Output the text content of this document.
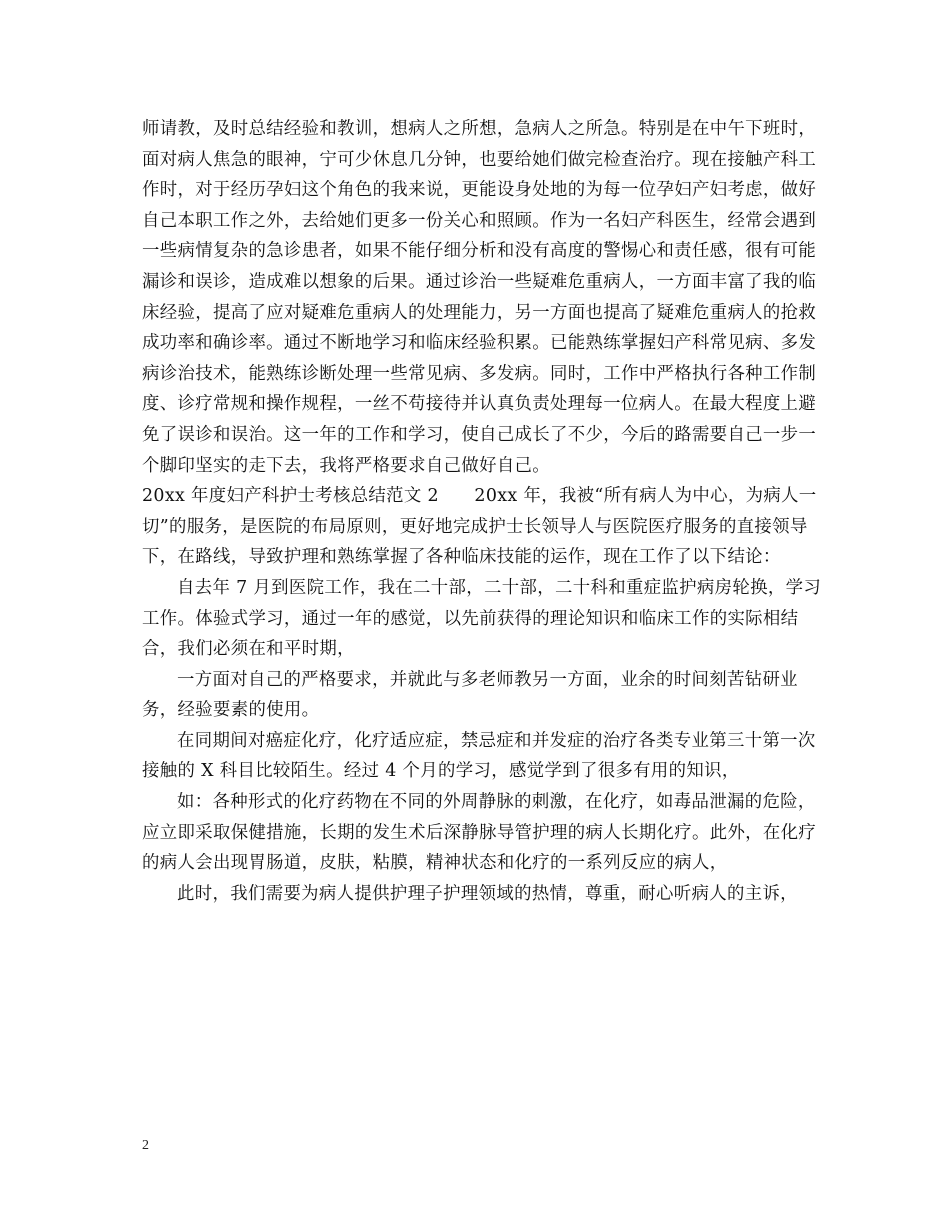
师请教，及时总结经验和教训，想病人之所想，急病人之所急。特别是在中午下班时，面对病人焦急的眼神，宁可少休息几分钟，也要给她们做完检查治疗。现在接触产科工作时，对于经历孕妇这个角色的我来说，更能设身处地的为每一位孕妇产妇考虑，做好自己本职工作之外，去给她们更多一份关心和照顾。作为一名妇产科医生，经常会遇到一些病情复杂的急诊患者，如果不能仔细分析和没有高度的警惕心和责任感，很有可能漏诊和误诊，造成难以想象的后果。通过诊治一些疑难危重病人，一方面丰富了我的临床经验，提高了应对疑难危重病人的处理能力，另一方面也提高了疑难危重病人的抢救成功率和确诊率。通过不断地学习和临床经验积累。已能熟练掌握妇产科常见病、多发病诊治技术，能熟练诊断处理一些常见病、多发病。同时，工作中严格执行各种工作制度、诊疗常规和操作规程，一丝不苟接待并认真负责处理每一位病人。在最大程度上避免了误诊和误治。这一年的工作和学习，使自己成长了不少，今后的路需要自己一步一个脚印坚实的走下去，我将严格要求自己做好自己。

20xx 年度妇产科护士考核总结范文 2　　20xx 年，我被“所有病人为中心，为病人一切”的服务，是医院的布局原则，更好地完成护士长领导人与医院医疗服务的直接领导下，在路线，导致护理和熟练掌握了各种临床技能的运作，现在工作了以下结论：

自去年 7 月到医院工作，我在二十部，二十部，二十科和重症监护病房轮换，学习工作。体验式学习，通过一年的感觉，以先前获得的理论知识和临床工作的实际相结合，我们必须在和平时期，

一方面对自己的严格要求，并就此与多老师教另一方面，业余的时间刻苦钻研业务，经验要素的使用。

在同期间对癌症化疗，化疗适应症，禁忌症和并发症的治疗各类专业第三十第一次接触的 X 科目比较陌生。经过 4 个月的学习，感觉学到了很多有用的知识，

如：各种形式的化疗药物在不同的外周静脉的刺激，在化疗，如毒品泄漏的危险，应立即采取保健措施，长期的发生术后深静脉导管护理的病人长期化疗。此外，在化疗的病人会出现胃肠道，皮肤，粘膜，精神状态和化疗的一系列反应的病人，

此时，我们需要为病人提供护理子护理领域的热情，尊重，耐心听病人的主诉，

2
